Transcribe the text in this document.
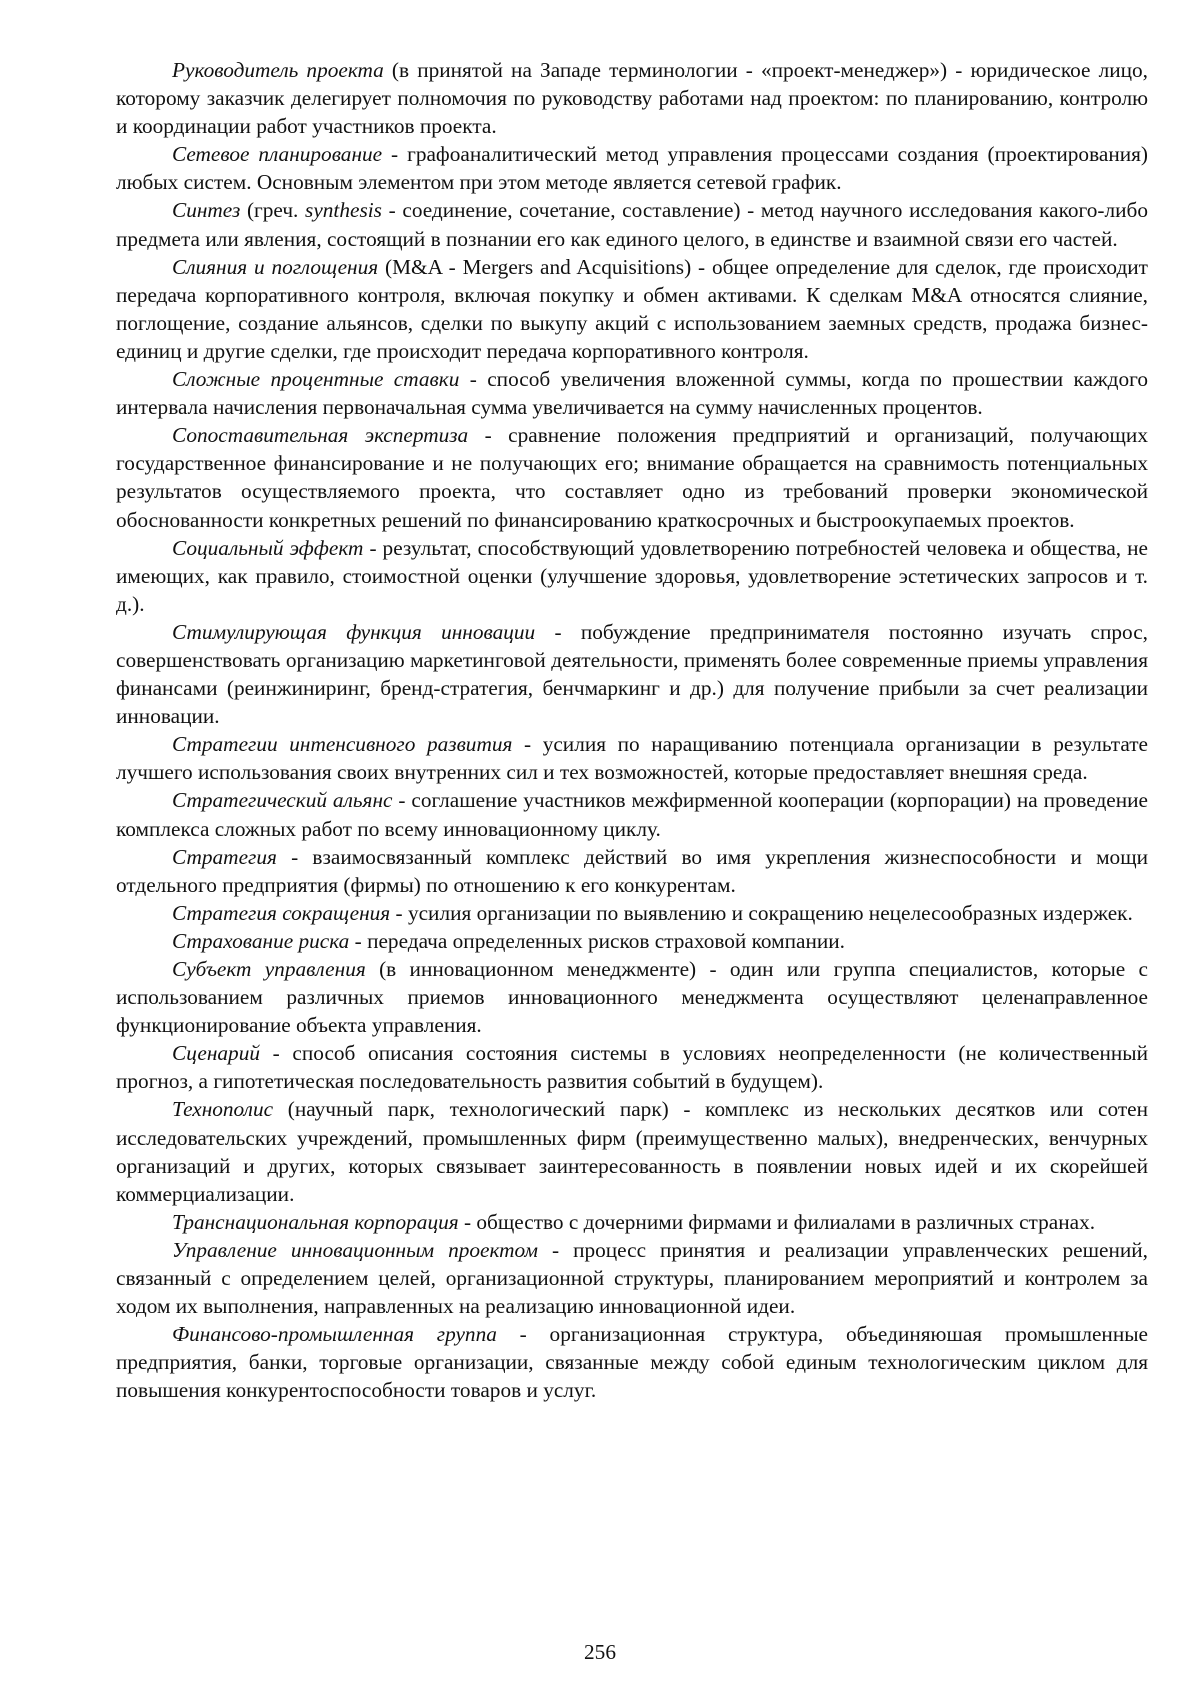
Руководитель проекта (в принятой на Западе терминологии - «проект-менеджер») - юридическое лицо, которому заказчик делегирует полномочия по руководству работами над проектом: по планированию, контролю и координации работ участников проекта.

Сетевое планирование - графоаналитический метод управления процессами создания (проектирования) любых систем. Основным элементом при этом методе является сетевой график.

Синтез (греч. synthesis - соединение, сочетание, составление) - метод научного исследования какого-либо предмета или явления, состоящий в познании его как единого целого, в единстве и взаимной связи его частей.

Слияния и поглощения (M&A - Mergers and Acquisitions) - общее определение для сделок, где происходит передача корпоративного контроля, включая покупку и обмен активами. К сделкам M&A относятся слияние, поглощение, создание альянсов, сделки по выкупу акций с использованием заемных средств, продажа бизнес-единиц и другие сделки, где происходит передача корпоративного контроля.

Сложные процентные ставки - способ увеличения вложенной суммы, когда по прошествии каждого интервала начисления первоначальная сумма увеличивается на сумму начисленных процентов.

Сопоставительная экспертиза - сравнение положения предприятий и организаций, получающих государственное финансирование и не получающих его; внимание обращается на сравнимость потенциальных результатов осуществляемого проекта, что составляет одно из требований проверки экономической обоснованности конкретных решений по финансированию краткосрочных и быстроокупаемых проектов.

Социальный эффект - результат, способствующий удовлетворению потребностей человека и общества, не имеющих, как правило, стоимостной оценки (улучшение здоровья, удовлетворение эстетических запросов и т. д.).

Стимулирующая функция инновации - побуждение предпринимателя постоянно изучать спрос, совершенствовать организацию маркетинговой деятельности, применять более современные приемы управления финансами (реинжиниринг, бренд-стратегия, бенчмаркинг и др.) для получение прибыли за счет реализации инновации.

Стратегии интенсивного развития - усилия по наращиванию потенциала организации в результате лучшего использования своих внутренних сил и тех возможностей, которые предоставляет внешняя среда.

Стратегический альянс - соглашение участников межфирменной кооперации (корпорации) на проведение комплекса сложных работ по всему инновационному циклу.

Стратегия - взаимосвязанный комплекс действий во имя укрепления жизнеспособности и мощи отдельного предприятия (фирмы) по отношению к его конкурентам.

Стратегия сокращения - усилия организации по выявлению и сокращению нецелесообразных издержек.

Страхование риска - передача определенных рисков страховой компании.

Субъект управления (в инновационном менеджменте) - один или группа специалистов, которые с использованием различных приемов инновационного менеджмента осуществляют целенаправленное функционирование объекта управления.

Сценарий - способ описания состояния системы в условиях неопределенности (не количественный прогноз, а гипотетическая последовательность развития событий в будущем).

Технополис (научный парк, технологический парк) - комплекс из нескольких десятков или сотен исследовательских учреждений, промышленных фирм (преимущественно малых), внедренческих, венчурных организаций и других, которых связывает заинтересованность в появлении новых идей и их скорейшей коммерциализации.

Транснациональная корпорация - общество с дочерними фирмами и филиалами в различных странах.

Управление инновационным проектом - процесс принятия и реализации управленческих решений, связанный с определением целей, организационной структуры, планированием мероприятий и контролем за ходом их выполнения, направленных на реализацию инновационной идеи.

Финансово-промышленная группа - организационная структура, объединяюшая промышленные предприятия, банки, торговые организации, связанные между собой единым технологическим циклом для повышения конкурентоспособности товаров и услуг.

256
